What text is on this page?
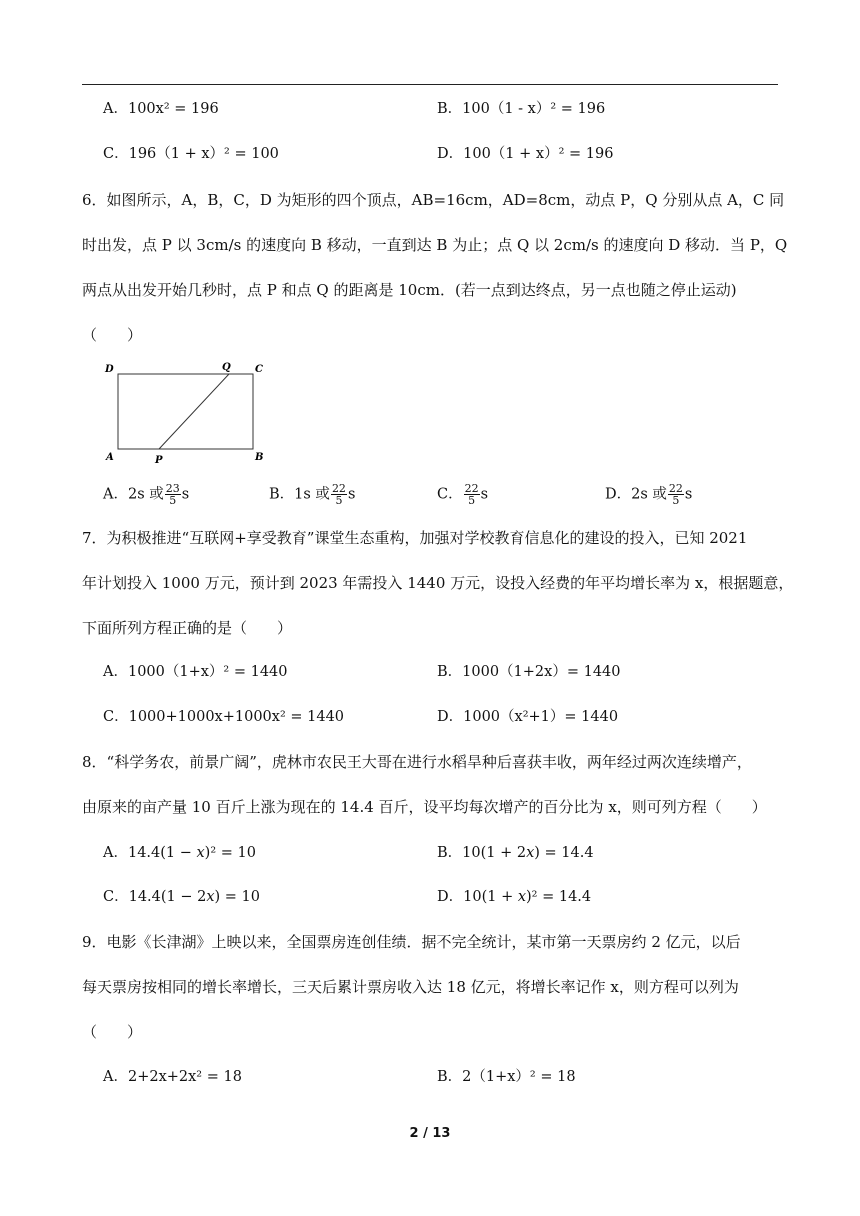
A．100x² = 196	B．100（1 - x）² = 196
C．196（1 + x）² = 100	D．100（1 + x）² = 196
6．如图所示，A，B，C，D 为矩形的四个顶点，AB=16cm，AD=8cm，动点 P，Q 分别从点 A，C 同
时出发，点 P 以 3cm/s 的速度向 B 移动，一直到达 B 为止；点 Q 以 2cm/s 的速度向 D 移动．当 P，Q
两点从出发开始几秒时，点 P 和点 Q 的距离是 10cm．(若一点到达终点，另一点也随之停止运动)
（　　）
D	Q C
A	P	B
A．2s 或 $\frac{23}{5}$ s	B．1s 或 $\frac{22}{5}$ s	C． $\frac{22}{5}$ s	D．2s 或 $\frac{22}{5}$ s
7．为积极推进“互联网+享受教育”课堂生态重构，加强对学校教育信息化的建设的投入，已知 2021
年计划投入 1000 万元，预计到 2023 年需投入 1440 万元，设投入经费的年平均增长率为 x，根据题意，
下面所列方程正确的是（　　）
A．1000（1+x）² = 1440	B．1000（1+2x）= 1440
C．1000+1000x+1000x² = 1440	D．1000（x²+1）= 1440
8．“科学务农，前景广阔”，虎林市农民王大哥在进行水稻旱种后喜获丰收，两年经过两次连续增产，
由原来的亩产量 10 百斤上涨为现在的 14.4 百斤，设平均每次增产的百分比为 x，则可列方程（　　）
A．14.4(1 − 𝑥)² = 10	B．10(1 + 2𝑥) = 14.4
C．14.4(1 − 2𝑥) = 10	D．10(1 + 𝑥)² = 14.4
9．电影《长津湖》上映以来，全国票房连创佳绩．据不完全统计，某市第一天票房约 2 亿元，以后
每天票房按相同的增长率增长，三天后累计票房收入达 18 亿元，将增长率记作 x，则方程可以列为
（　　）
A．2+2x+2x² = 18	B．2（1+x）² = 18
2 / 13
